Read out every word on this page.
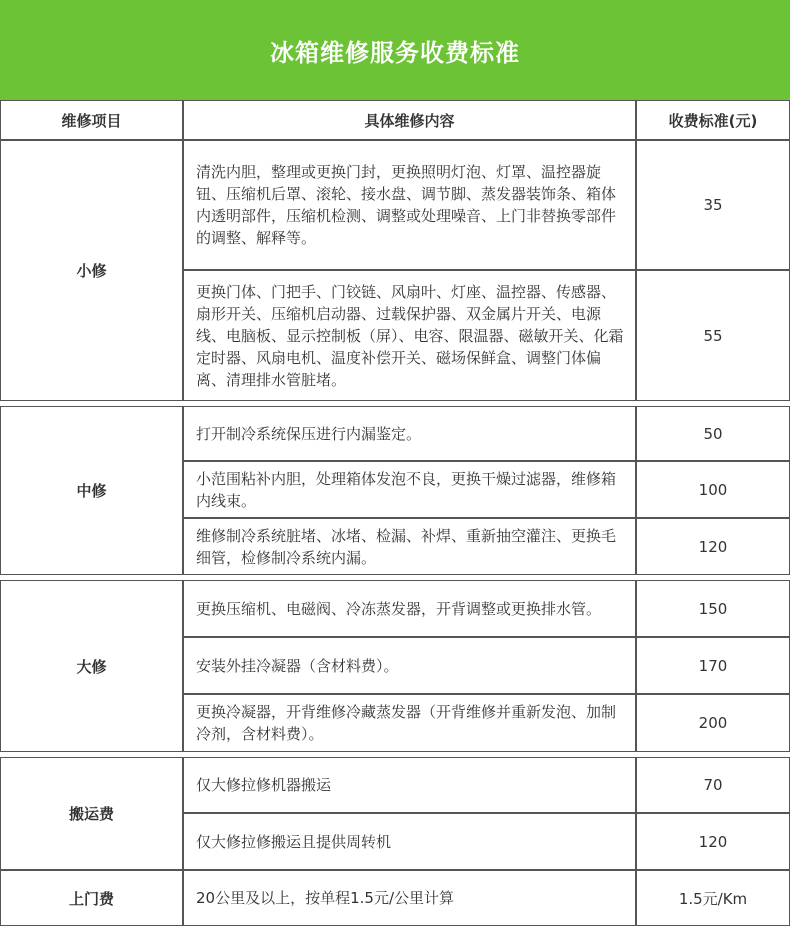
冰箱维修服务收费标准
维修项目	具体维修内容	收费标准(元)
小修	清洗内胆，整理或更换门封，更换照明灯泡、灯罩、温控器旋钮、压缩机后罩、滚轮、接水盘、调节脚、蒸发器装饰条、箱体内透明部件，压缩机检测、调整或处理噪音、上门非替换零部件的调整、解释等。	35
	更换门体、门把手、门铰链、风扇叶、灯座、温控器、传感器、扇形开关、压缩机启动器、过载保护器、双金属片开关、电源线、电脑板、显示控制板（屏）、电容、限温器、磁敏开关、化霜定时器、风扇电机、温度补偿开关、磁场保鲜盒、调整门体偏离、清理排水管脏堵。	55

中修	打开制冷系统保压进行内漏鉴定。	50
	小范围粘补内胆，处理箱体发泡不良，更换干燥过滤器，维修箱内线束。	100
	维修制冷系统脏堵、冰堵、检漏、补焊、重新抽空灌注、更换毛细管，检修制冷系统内漏。	120

大修	更换压缩机、电磁阀、冷冻蒸发器，开背调整或更换排水管。	150
	安装外挂冷凝器（含材料费）。	170
	更换冷凝器，开背维修冷藏蒸发器（开背维修并重新发泡、加制冷剂，含材料费）。	200

搬运费	仅大修拉修机器搬运	70
	仅大修拉修搬运且提供周转机	120
上门费	20公里及以上，按单程1.5元/公里计算	1.5元/Km
